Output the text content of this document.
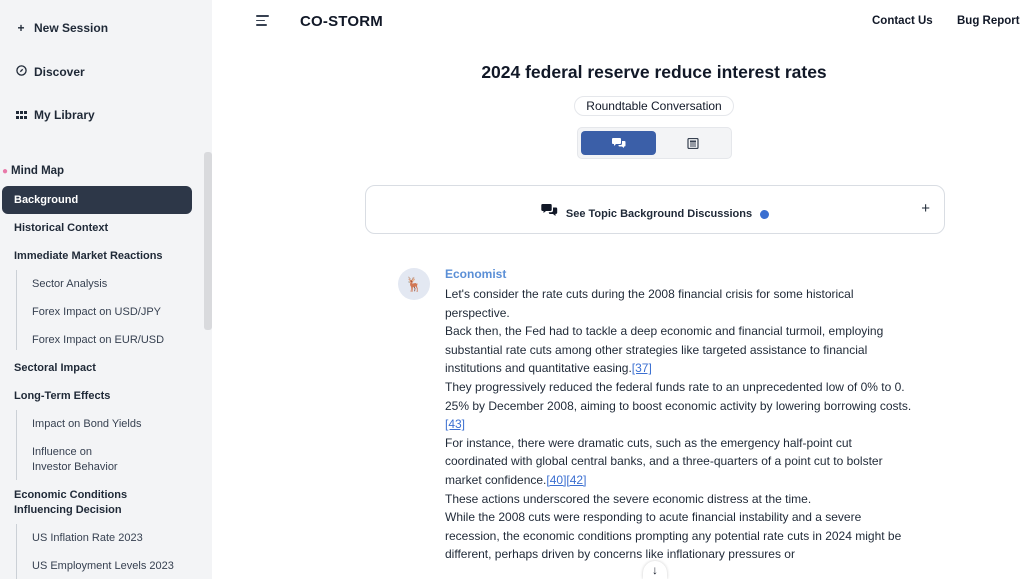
+ New Session
Discover
My Library
● Mind Map
Background
Historical Context
Immediate Market Reactions
Sector Analysis
Forex Impact on USD/JPY
Forex Impact on EUR/USD
Sectoral Impact
Long-Term Effects
Impact on Bond Yields
Influence on
Investor Behavior
Economic Conditions
Influencing Decision
US Inflation Rate 2023
US Employment Levels 2023
CO-STORM	Contact Us Bug Report
2024 federal reserve reduce interest rates
Roundtable Conversation
See Topic Background Discussions	+
🦌
Economist

Let's consider the rate cuts during the 2008 financial crisis for some historical perspective.

Back then, the Fed had to tackle a deep economic and financial turmoil, employing substantial rate cuts among other strategies like targeted assistance to financial institutions and quantitative easing.[37]

They progressively reduced the federal funds rate to an unprecedented low of 0% to 0.

25% by December 2008, aiming to boost economic activity by lowering borrowing costs.[43]

For instance, there were dramatic cuts, such as the emergency half-point cut coordinated with global central banks, and a three-quarters of a point cut to bolster market confidence.[40][42]

These actions underscored the severe economic distress at the time.

While the 2008 cuts were responding to acute financial instability and a severe recession, the economic conditions prompting any potential rate cuts in 2024 might be different, perhaps driven by concerns like inflationary pressures or

↓
